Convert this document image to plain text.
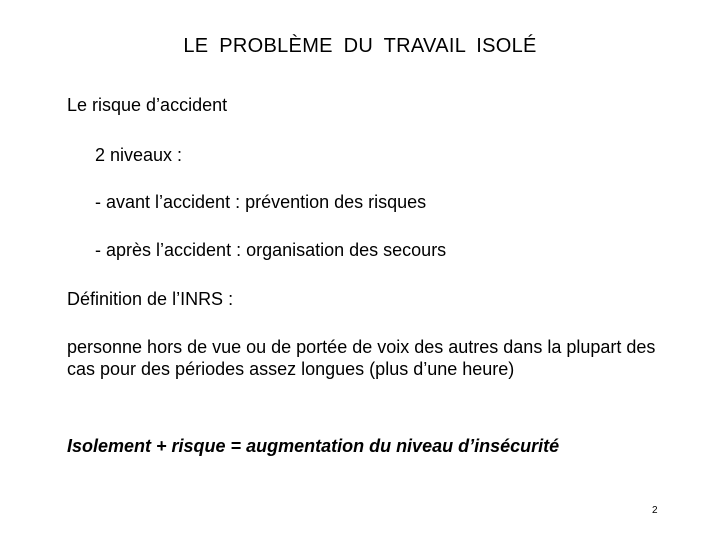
LE PROBLÈME DU TRAVAIL ISOLÉ
Le risque d’accident
2 niveaux :
- avant l’accident : prévention des risques
- après l’accident : organisation des secours
Définition de l’INRS :
personne hors de vue ou de portée de voix des autres dans la plupart des cas pour des périodes assez longues (plus d’une heure)
Isolement + risque = augmentation du niveau d’insécurité
2
